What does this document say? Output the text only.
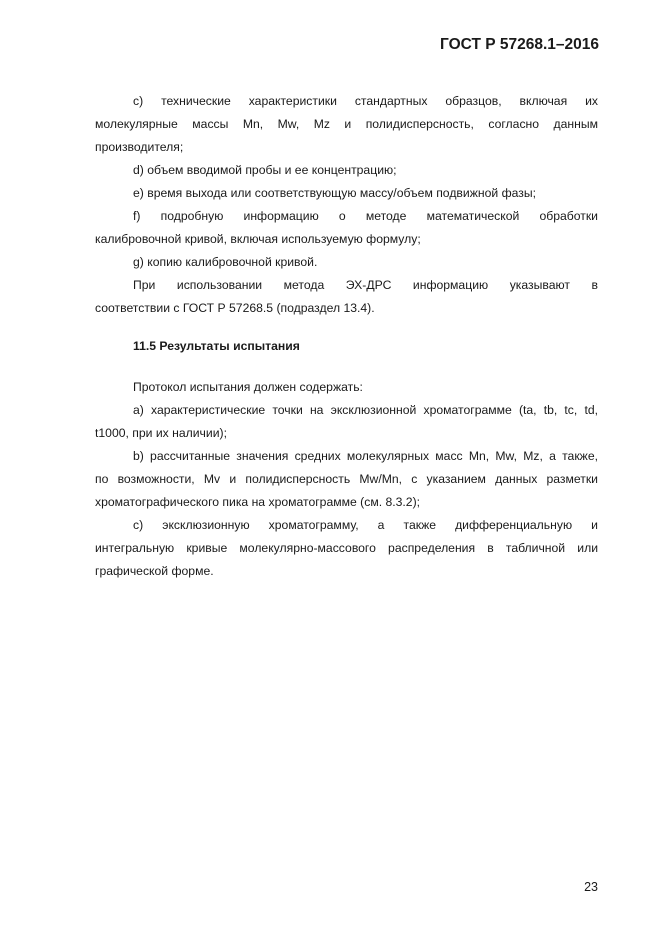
ГОСТ Р 57268.1–2016
c) технические характеристики стандартных образцов, включая их
молекулярные массы Mn, Mw, Mz и полидисперсность, согласно данным
производителя;
d) объем вводимой пробы и ее концентрацию;
е) время выхода или соответствующую массу/объем подвижной фазы;
f) подробную информацию о методе математической обработки
калибровочной кривой, включая используемую формулу;
g) копию калибровочной кривой.
При использовании метода ЭХ-ДРС информацию указывают в
соответствии с ГОСТ Р 57268.5 (подраздел 13.4).
11.5 Результаты испытания
Протокол испытания должен содержать:
а) характеристические точки на эксклюзионной хроматограмме (ta, tb, tc, td,
t1000, при их наличии);
b) рассчитанные значения средних молекулярных масс Mn, Mw, Mz, а также,
по возможности, Mv и полидисперсность Mw/Mn, с указанием данных разметки
хроматографического пика на хроматограмме (см. 8.3.2);
с) эксклюзионную хроматограмму, а также дифференциальную и
интегральную кривые молекулярно-массового распределения в табличной или
графической форме.
23
